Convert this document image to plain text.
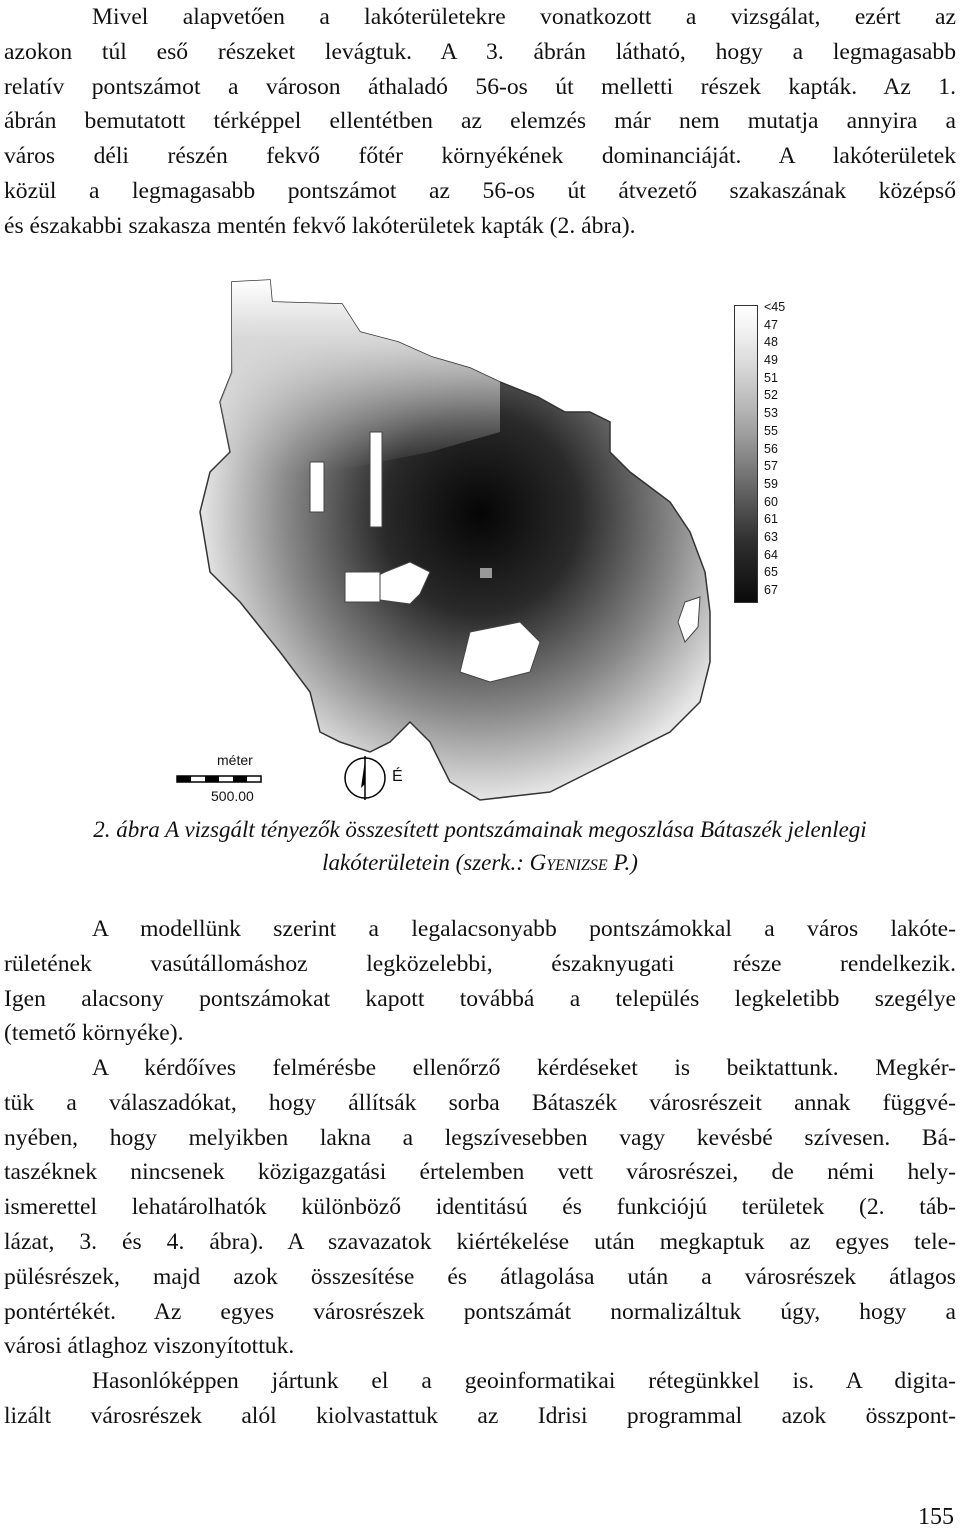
Mivel alapvetően a lakóterületekre vonatkozott a vizsgálat, ezért az
azokon túl eső részeket levágtuk. A 3. ábrán látható, hogy a legmagasabb
relatív pontszámot a városon áthaladó 56-os út melletti részek kapták. Az 1.
ábrán bemutatott térképpel ellentétben az elemzés már nem mutatja annyira a
város déli részén fekvő főtér környékének dominanciáját. A lakóterületek
közül a legmagasabb pontszámot az 56-os út átvezető szakaszának középső
és északabbi szakasza mentén fekvő lakóterületek kapták (2. ábra).
<45
47
48
49
51
52
53
55
56
57
59
60
61
63
64
65
67
méter
500.00
É
2. ábra A vizsgált tényezők összesített pontszámainak megoszlása Bátaszék jelenlegi
lakóterületein (szerk.: Gyenizse P.)
A modellünk szerint a legalacsonyabb pontszámokkal a város lakóte-
rületének vasútállomáshoz legközelebbi, északnyugati része rendelkezik.
Igen alacsony pontszámokat kapott továbbá a település legkeletibb szegélye
(temető környéke).
A kérdőíves felmérésbe ellenőrző kérdéseket is beiktattunk. Megkér-
tük a válaszadókat, hogy állítsák sorba Bátaszék városrészeit annak függvé-
nyében, hogy melyikben lakna a legszívesebben vagy kevésbé szívesen. Bá-
taszéknek nincsenek közigazgatási értelemben vett városrészei, de némi hely-
ismerettel lehatárolhatók különböző identitású és funkciójú területek (2. táb-
lázat, 3. és 4. ábra). A szavazatok kiértékelése után megkaptuk az egyes tele-
pülésrészek, majd azok összesítése és átlagolása után a városrészek átlagos
pontértékét. Az egyes városrészek pontszámát normalizáltuk úgy, hogy a
városi átlaghoz viszonyítottuk.
Hasonlóképpen jártunk el a geoinformatikai rétegünkkel is. A digita-
lizált városrészek alól kiolvastattuk az Idrisi programmal azok összpont-
155
